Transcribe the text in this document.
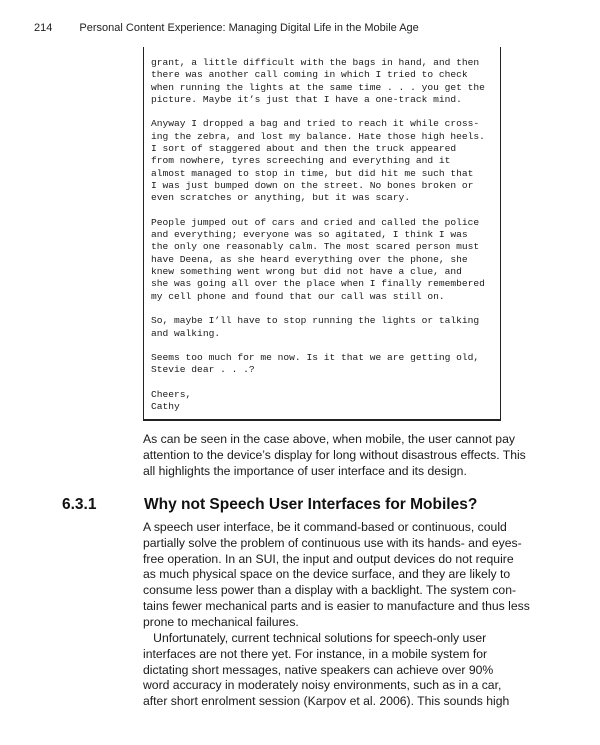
214 Personal Content Experience: Managing Digital Life in the Mobile Age

grant, a little difficult with the bags in hand, and then
there was another call coming in which I tried to check
when running the lights at the same time . . . you get the
picture. Maybe it’s just that I have a one-track mind.

Anyway I dropped a bag and tried to reach it while cross-
ing the zebra, and lost my balance. Hate those high heels.
I sort of staggered about and then the truck appeared
from nowhere, tyres screeching and everything and it
almost managed to stop in time, but did hit me such that
I was just bumped down on the street. No bones broken or
even scratches or anything, but it was scary.

People jumped out of cars and cried and called the police
and everything; everyone was so agitated, I think I was
the only one reasonably calm. The most scared person must
have Deena, as she heard everything over the phone, she
knew something went wrong but did not have a clue, and
she was going all over the place when I finally remembered
my cell phone and found that our call was still on.

So, maybe I’ll have to stop running the lights or talking
and walking.

Seems too much for me now. Is it that we are getting old,
Stevie dear . . .?

Cheers,
Cathy

As can be seen in the case above, when mobile, the user cannot pay
attention to the device’s display for long without disastrous effects. This
all highlights the importance of user interface and its design.
6.3.1	Why not Speech User Interfaces for Mobiles?
A speech user interface, be it command-based or continuous, could
partially solve the problem of continuous use with its hands- and eyes-
free operation. In an SUI, the input and output devices do not require
as much physical space on the device surface, and they are likely to
consume less power than a display with a backlight. The system con-
tains fewer mechanical parts and is easier to manufacture and thus less
prone to mechanical failures.
Unfortunately, current technical solutions for speech-only user
interfaces are not there yet. For instance, in a mobile system for
dictating short messages, native speakers can achieve over 90%
word accuracy in moderately noisy environments, such as in a car,
after short enrolment session (Karpov et al. 2006). This sounds high
